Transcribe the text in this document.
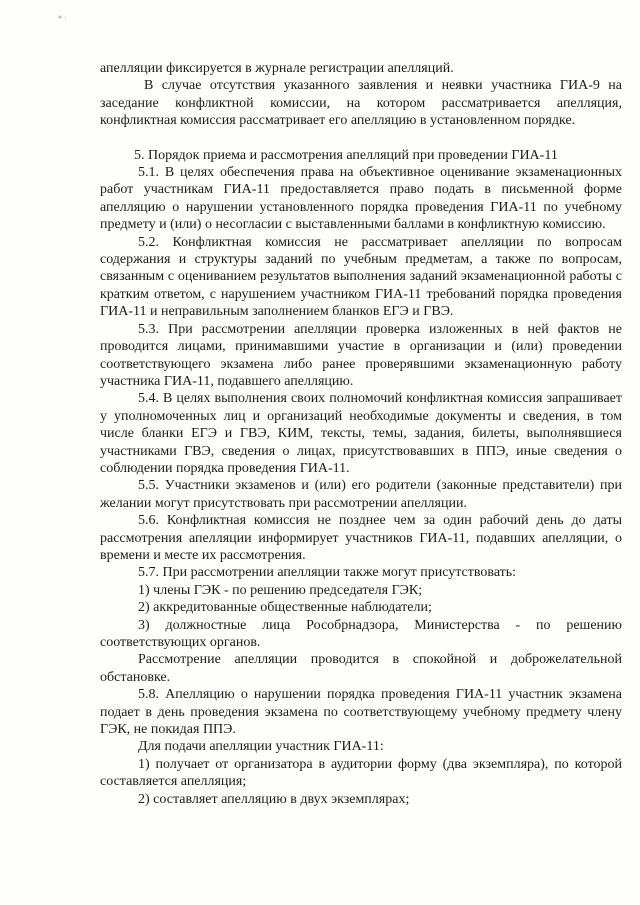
* ·

апелляции фиксируется в журнале регистрации апелляций.

В случае отсутствия указанного заявления и неявки участника ГИА-9 на заседание конфликтной комиссии, на котором рассматривается апелляция, конфликтная комиссия рассматривает его апелляцию в установленном порядке.

5. Порядок приема и рассмотрения апелляций при проведении ГИА-11

5.1. В целях обеспечения права на объективное оценивание экзаменационных работ участникам ГИА-11 предоставляется право подать в письменной форме апелляцию о нарушении установленного порядка проведения ГИА-11 по учебному предмету и (или) о несогласии с выставленными баллами в конфликтную комиссию.

5.2. Конфликтная комиссия не рассматривает апелляции по вопросам содержания и структуры заданий по учебным предметам, а также по вопросам, связанным с оцениванием результатов выполнения заданий экзаменационной работы с кратким ответом, с нарушением участником ГИА-11 требований порядка проведения ГИА-11 и неправильным заполнением бланков ЕГЭ и ГВЭ.

5.3. При рассмотрении апелляции проверка изложенных в ней фактов не проводится лицами, принимавшими участие в организации и (или) проведении соответствующего экзамена либо ранее проверявшими экзаменационную работу участника ГИА-11, подавшего апелляцию.

5.4. В целях выполнения своих полномочий конфликтная комиссия запрашивает у уполномоченных лиц и организаций необходимые документы и сведения, в том числе бланки ЕГЭ и ГВЭ, КИМ, тексты, темы, задания, билеты, выполнявшиеся участниками ГВЭ, сведения о лицах, присутствовавших в ППЭ, иные сведения о соблюдении порядка проведения ГИА-11.

5.5. Участники экзаменов и (или) его родители (законные представители) при желании могут присутствовать при рассмотрении апелляции.

5.6. Конфликтная комиссия не позднее чем за один рабочий день до даты рассмотрения апелляции информирует участников ГИА-11, подавших апелляции, о времени и месте их рассмотрения.

5.7. При рассмотрении апелляции также могут присутствовать:

1) члены ГЭК - по решению председателя ГЭК;

2) аккредитованные общественные наблюдатели;

3) должностные лица Рособрнадзора, Министерства - по решению соответствующих органов.

Рассмотрение апелляции проводится в спокойной и доброжелательной обстановке.

5.8. Апелляцию о нарушении порядка проведения ГИА-11 участник экзамена подает в день проведения экзамена по соответствующему учебному предмету члену ГЭК, не покидая ППЭ.

Для подачи апелляции участник ГИА-11:

1) получает от организатора в аудитории форму (два экземпляра), по которой составляется апелляция;

2) составляет апелляцию в двух экземплярах;
